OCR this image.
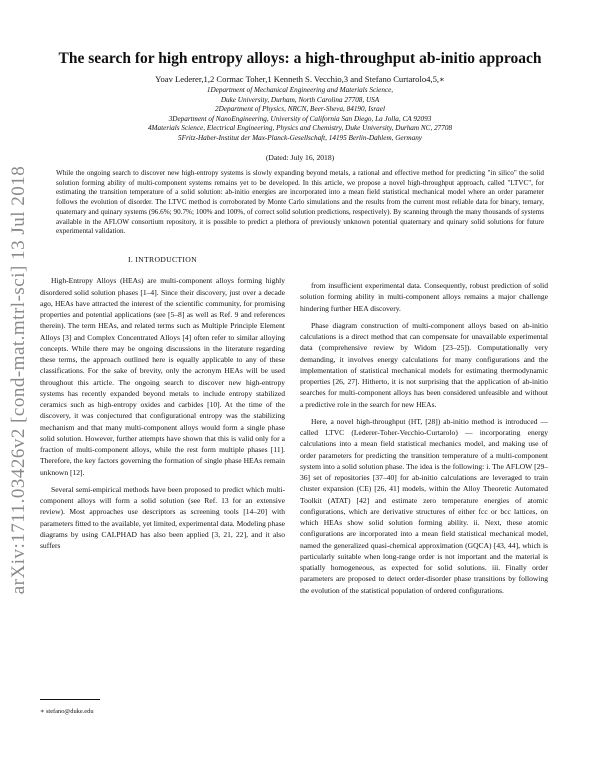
arXiv:1711.03426v2 [cond-mat.mtrl-sci] 13 Jul 2018
The search for high entropy alloys: a high-throughput ab-initio approach
Yoav Lederer,1,2 Cormac Toher,1 Kenneth S. Vecchio,3 and Stefano Curtarolo4,5,∗
1Department of Mechanical Engineering and Materials Science,
Duke University, Durham, North Carolina 27708, USA
2Department of Physics, NRCN, Beer-Sheva, 84190, Israel
3Department of NanoEngineering, University of California San Diego, La Jolla, CA 92093
4Materials Science, Electrical Engineering, Physics and Chemistry, Duke University, Durham NC, 27708
5Fritz-Haber-Institut der Max-Planck-Gesellschaft, 14195 Berlin-Dahlem, Germany
(Dated: July 16, 2018)
While the ongoing search to discover new high-entropy systems is slowly expanding beyond metals, a rational and effective method for predicting "in silico" the solid solution forming ability of multi-component systems remains yet to be developed. In this article, we propose a novel high-throughput approach, called "LTVC", for estimating the transition temperature of a solid solution: ab-initio energies are incorporated into a mean field statistical mechanical model where an order parameter follows the evolution of disorder. The LTVC method is corroborated by Monte Carlo simulations and the results from the current most reliable data for binary, ternary, quaternary and quinary systems (96.6%; 90.7%; 100% and 100%, of correct solid solution predictions, respectively). By scanning through the many thousands of systems available in the AFLOW consortium repository, it is possible to predict a plethora of previously unknown potential quaternary and quinary solid solutions for future experimental validation.
I. INTRODUCTION

High-Entropy Alloys (HEAs) are multi-component alloys forming highly disordered solid solution phases [1–4]. Since their discovery, just over a decade ago, HEAs have attracted the interest of the scientific community, for promising properties and potential applications (see [5–8] as well as Ref. 9 and references therein). The term HEAs, and related terms such as Multiple Principle Element Alloys [3] and Complex Concentrated Alloys [4] often refer to similar alloying concepts. While there may be ongoing discussions in the literature regarding these terms, the approach outlined here is equally applicable to any of these classifications. For the sake of brevity, only the acronym HEAs will be used throughout this article. The ongoing search to discover new high-entropy systems has recently expanded beyond metals to include entropy stabilized ceramics such as high-entropy oxides and carbides [10]. At the time of the discovery, it was conjectured that configurational entropy was the stabilizing mechanism and that many multi-component alloys would form a single phase solid solution. However, further attempts have shown that this is valid only for a fraction of multi-component alloys, while the rest form multiple phases [11]. Therefore, the key factors governing the formation of single phase HEAs remain unknown [12].

Several semi-empirical methods have been proposed to predict which multi-component alloys will form a solid solution (see Ref. 13 for an extensive review). Most approaches use descriptors as screening tools [14–20] with parameters fitted to the available, yet limited, experimental data. Modeling phase diagrams by using CALPHAD has also been applied [3, 21, 22], and it also suffers

from insufficient experimental data. Consequently, robust prediction of solid solution forming ability in multi-component alloys remains a major challenge hindering further HEA discovery.

Phase diagram construction of multi-component alloys based on ab-initio calculations is a direct method that can compensate for unavailable experimental data (comprehensive review by Widom [23–25]). Computationally very demanding, it involves energy calculations for many configurations and the implementation of statistical mechanical models for estimating thermodynamic properties [26, 27]. Hitherto, it is not surprising that the application of ab-initio searches for multi-component alloys has been considered unfeasible and without a predictive role in the search for new HEAs.

Here, a novel high-throughput (HT, [28]) ab-initio method is introduced — called LTVC (Lederer-Toher-Vecchio-Curtarolo) — incorporating energy calculations into a mean field statistical mechanics model, and making use of order parameters for predicting the transition temperature of a multi-component system into a solid solution phase. The idea is the following: i. The AFLOW [29–36] set of repositories [37–40] for ab-initio calculations are leveraged to train cluster expansion (CE) [26, 41] models, within the Alloy Theoretic Automated Toolkit (ATAT) [42] and estimate zero temperature energies of atomic configurations, which are derivative structures of either fcc or bcc lattices, on which HEAs show solid solution forming ability. ii. Next, these atomic configurations are incorporated into a mean field statistical mechanical model, named the generalized quasi-chemical approximation (GQCA) [43, 44], which is particularly suitable when long-range order is not important and the material is spatially homogeneous, as expected for solid solutions. iii. Finally order parameters are proposed to detect order-disorder phase transitions by following the evolution of the statistical population of ordered configurations.

∗ stefano@duke.edu
